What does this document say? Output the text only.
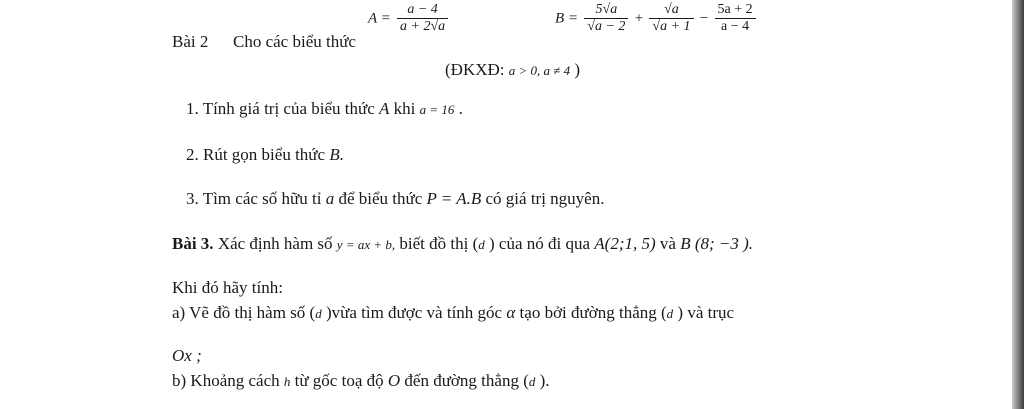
Bài 2 Cho các biểu thức
$A = \frac{a - 4}{a + 2√a}$	$B = \frac{5√a}{√a - 2} + \frac{√a}{√a + 1} - \frac{5a + 2}{a - 4}$
(ĐKXĐ: a > 0, a ≠ 4 )
1. Tính giá trị của biểu thức A khi a = 16 .
2. Rút gọn biểu thức B.
3. Tìm các số hữu tỉ a để biểu thức P = A.B có giá trị nguyên.
Bài 3. Xác định hàm số y = ax + b, biết đồ thị (d ) của nó đi qua A(2;1, 5) và B (8; −3 ).
Khi đó hãy tính:
a) Vẽ đồ thị hàm số (d )vừa tìm được và tính góc α tạo bởi đường thẳng (d ) và trục
Ox ;
b) Khoảng cách h từ gốc toạ độ O đến đường thẳng (d ).
